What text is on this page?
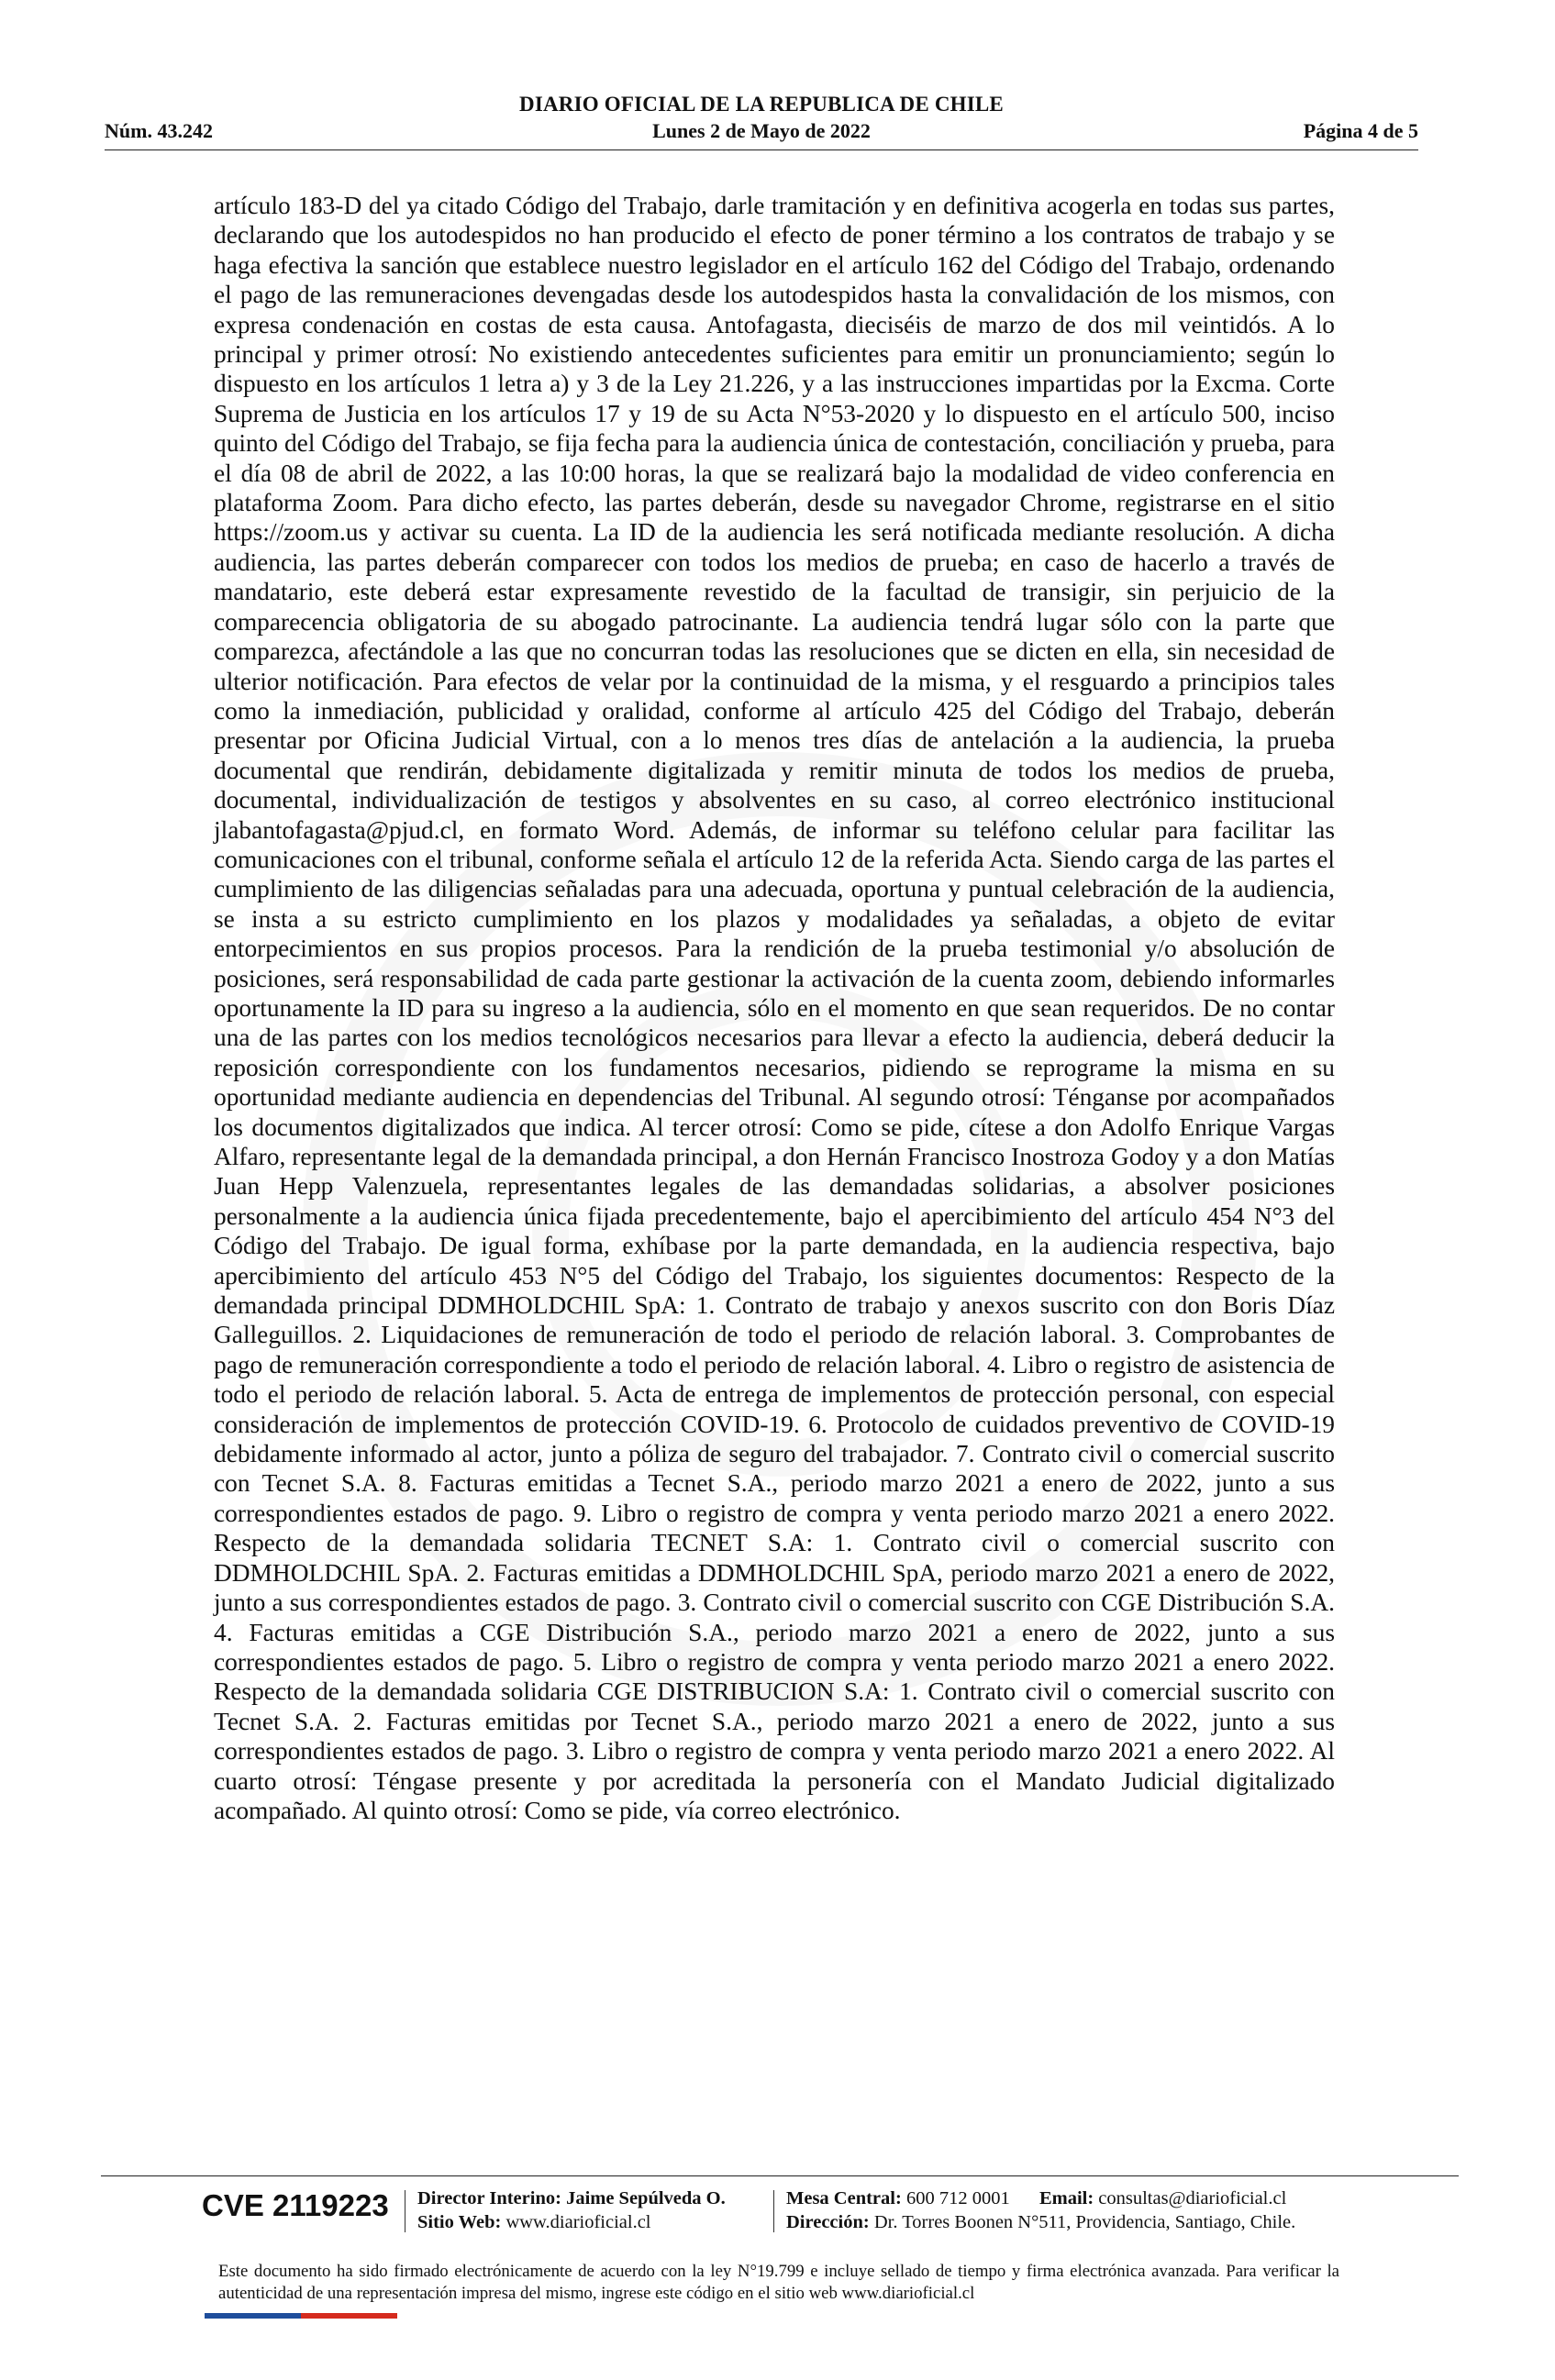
DIARIO OFICIAL DE LA REPUBLICA DE CHILE
Núm. 43.242	Lunes 2 de Mayo de 2022	Página 4 de 5
artículo 183-D del ya citado Código del Trabajo, darle tramitación y en definitiva acogerla en todas sus partes, declarando que los autodespidos no han producido el efecto de poner término a los contratos de trabajo y se haga efectiva la sanción que establece nuestro legislador en el artículo 162 del Código del Trabajo, ordenando el pago de las remuneraciones devengadas desde los autodespidos hasta la convalidación de los mismos, con expresa condenación en costas de esta causa. Antofagasta, dieciséis de marzo de dos mil veintidós. A lo principal y primer otrosí: No existiendo antecedentes suficientes para emitir un pronunciamiento; según lo dispuesto en los artículos 1 letra a) y 3 de la Ley 21.226, y a las instrucciones impartidas por la Excma. Corte Suprema de Justicia en los artículos 17 y 19 de su Acta N°53-2020 y lo dispuesto en el artículo 500, inciso quinto del Código del Trabajo, se fija fecha para la audiencia única de contestación, conciliación y prueba, para el día 08 de abril de 2022, a las 10:00 horas, la que se realizará bajo la modalidad de video conferencia en plataforma Zoom. Para dicho efecto, las partes deberán, desde su navegador Chrome, registrarse en el sitio https://zoom.us y activar su cuenta. La ID de la audiencia les será notificada mediante resolución. A dicha audiencia, las partes deberán comparecer con todos los medios de prueba; en caso de hacerlo a través de mandatario, este deberá estar expresamente revestido de la facultad de transigir, sin perjuicio de la comparecencia obligatoria de su abogado patrocinante. La audiencia tendrá lugar sólo con la parte que comparezca, afectándole a las que no concurran todas las resoluciones que se dicten en ella, sin necesidad de ulterior notificación. Para efectos de velar por la continuidad de la misma, y el resguardo a principios tales como la inmediación, publicidad y oralidad, conforme al artículo 425 del Código del Trabajo, deberán presentar por Oficina Judicial Virtual, con a lo menos tres días de antelación a la audiencia, la prueba documental que rendirán, debidamente digitalizada y remitir minuta de todos los medios de prueba, documental, individualización de testigos y absolventes en su caso, al correo electrónico institucional jlabantofagasta@pjud.cl, en formato Word. Además, de informar su teléfono celular para facilitar las comunicaciones con el tribunal, conforme señala el artículo 12 de la referida Acta. Siendo carga de las partes el cumplimiento de las diligencias señaladas para una adecuada, oportuna y puntual celebración de la audiencia, se insta a su estricto cumplimiento en los plazos y modalidades ya señaladas, a objeto de evitar entorpecimientos en sus propios procesos. Para la rendición de la prueba testimonial y/o absolución de posiciones, será responsabilidad de cada parte gestionar la activación de la cuenta zoom, debiendo informarles oportunamente la ID para su ingreso a la audiencia, sólo en el momento en que sean requeridos. De no contar una de las partes con los medios tecnológicos necesarios para llevar a efecto la audiencia, deberá deducir la reposición correspondiente con los fundamentos necesarios, pidiendo se reprograme la misma en su oportunidad mediante audiencia en dependencias del Tribunal. Al segundo otrosí: Ténganse por acompañados los documentos digitalizados que indica. Al tercer otrosí: Como se pide, cítese a don Adolfo Enrique Vargas Alfaro, representante legal de la demandada principal, a don Hernán Francisco Inostroza Godoy y a don Matías Juan Hepp Valenzuela, representantes legales de las demandadas solidarias, a absolver posiciones personalmente a la audiencia única fijada precedentemente, bajo el apercibimiento del artículo 454 N°3 del Código del Trabajo. De igual forma, exhíbase por la parte demandada, en la audiencia respectiva, bajo apercibimiento del artículo 453 N°5 del Código del Trabajo, los siguientes documentos: Respecto de la demandada principal DDMHOLDCHIL SpA: 1. Contrato de trabajo y anexos suscrito con don Boris Díaz Galleguillos. 2. Liquidaciones de remuneración de todo el periodo de relación laboral. 3. Comprobantes de pago de remuneración correspondiente a todo el periodo de relación laboral. 4. Libro o registro de asistencia de todo el periodo de relación laboral. 5. Acta de entrega de implementos de protección personal, con especial consideración de implementos de protección COVID-19. 6. Protocolo de cuidados preventivo de COVID-19 debidamente informado al actor, junto a póliza de seguro del trabajador. 7. Contrato civil o comercial suscrito con Tecnet S.A. 8. Facturas emitidas a Tecnet S.A., periodo marzo 2021 a enero de 2022, junto a sus correspondientes estados de pago. 9. Libro o registro de compra y venta periodo marzo 2021 a enero 2022. Respecto de la demandada solidaria TECNET S.A: 1. Contrato civil o comercial suscrito con DDMHOLDCHIL SpA. 2. Facturas emitidas a DDMHOLDCHIL SpA, periodo marzo 2021 a enero de 2022, junto a sus correspondientes estados de pago. 3. Contrato civil o comercial suscrito con CGE Distribución S.A. 4. Facturas emitidas a CGE Distribución S.A., periodo marzo 2021 a enero de 2022, junto a sus correspondientes estados de pago. 5. Libro o registro de compra y venta periodo marzo 2021 a enero 2022. Respecto de la demandada solidaria CGE DISTRIBUCION S.A: 1. Contrato civil o comercial suscrito con Tecnet S.A. 2. Facturas emitidas por Tecnet S.A., periodo marzo 2021 a enero de 2022, junto a sus correspondientes estados de pago. 3. Libro o registro de compra y venta periodo marzo 2021 a enero 2022. Al cuarto otrosí: Téngase presente y por acreditada la personería con el Mandato Judicial digitalizado acompañado. Al quinto otrosí: Como se pide, vía correo electrónico.
CVE 2119223 Director Interino: Jaime Sepúlveda O.
Sitio Web: www.diarioficial.cl
Mesa Central: 600 712 0001 Email: consultas@diarioficial.cl
Dirección: Dr. Torres Boonen N°511, Providencia, Santiago, Chile.
Este documento ha sido firmado electrónicamente de acuerdo con la ley N°19.799 e incluye sellado de tiempo y firma electrónica avanzada. Para verificar la autenticidad de una representación impresa del mismo, ingrese este código en el sitio web www.diarioficial.cl
